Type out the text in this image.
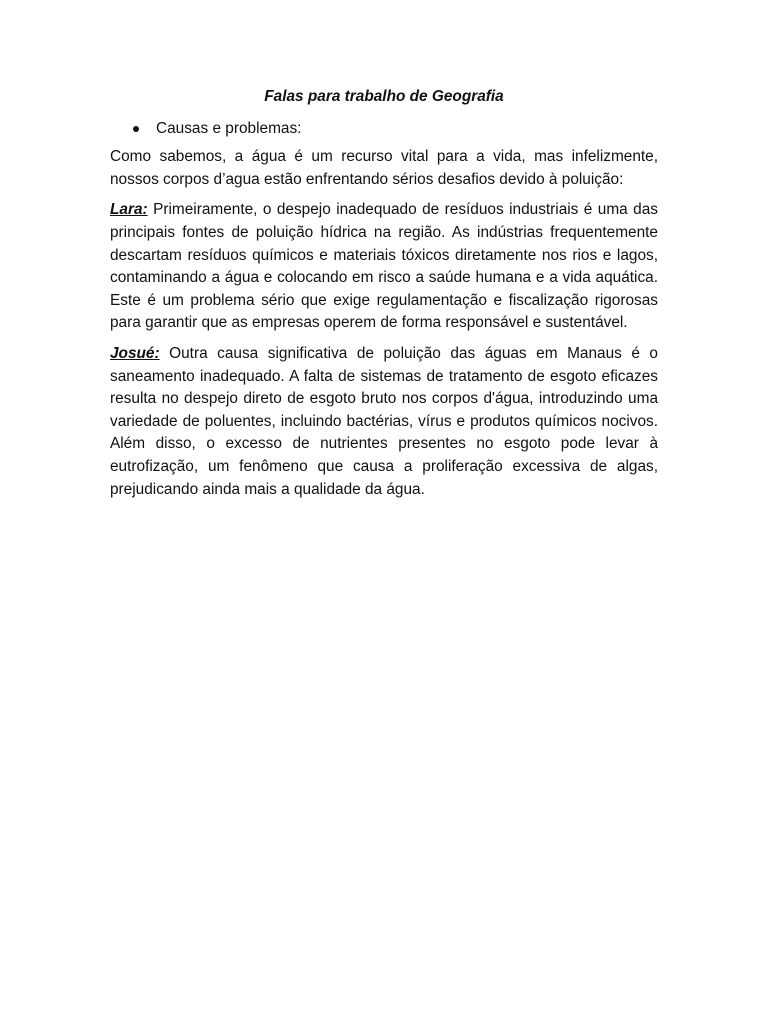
Falas para trabalho de Geografia

Causas e problemas:

Como sabemos, a água é um recurso vital para a vida, mas infelizmente, nossos corpos d’agua estão enfrentando sérios desafios devido à poluição:

Lara: Primeiramente, o despejo inadequado de resíduos industriais é uma das principais fontes de poluição hídrica na região. As indústrias frequentemente descartam resíduos químicos e materiais tóxicos diretamente nos rios e lagos, contaminando a água e colocando em risco a saúde humana e a vida aquática. Este é um problema sério que exige regulamentação e fiscalização rigorosas para garantir que as empresas operem de forma responsável e sustentável.

Josué: Outra causa significativa de poluição das águas em Manaus é o saneamento inadequado. A falta de sistemas de tratamento de esgoto eficazes resulta no despejo direto de esgoto bruto nos corpos d'água, introduzindo uma variedade de poluentes, incluindo bactérias, vírus e produtos químicos nocivos. Além disso, o excesso de nutrientes presentes no esgoto pode levar à eutrofização, um fenômeno que causa a proliferação excessiva de algas, prejudicando ainda mais a qualidade da água.
